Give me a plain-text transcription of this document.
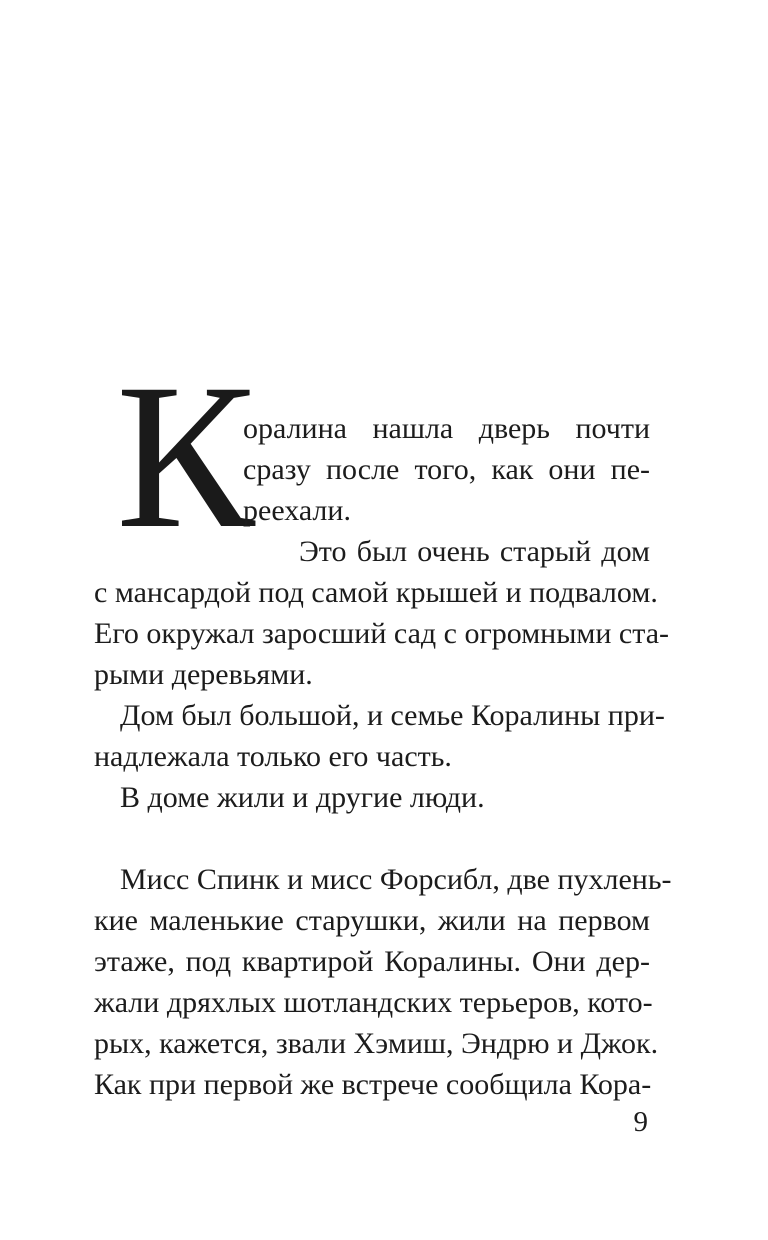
К
оралина нашла дверь почти
сразу после того, как они пе-
реехали.
Это был очень старый дом
с мансардой под самой крышей и подвалом.
Его окружал заросший сад с огромными ста-
рыми деревьями.
Дом был большой, и семье Коралины при-
надлежала только его часть.
В доме жили и другие люди.
Мисс Спинк и мисс Форсибл, две пухлень-
кие маленькие старушки, жили на первом
этаже, под квартирой Коралины. Они дер-
жали дряхлых шотландских терьеров, кото-
рых, кажется, звали Хэмиш, Эндрю и Джок.
Как при первой же встрече сообщила Кора-
9
